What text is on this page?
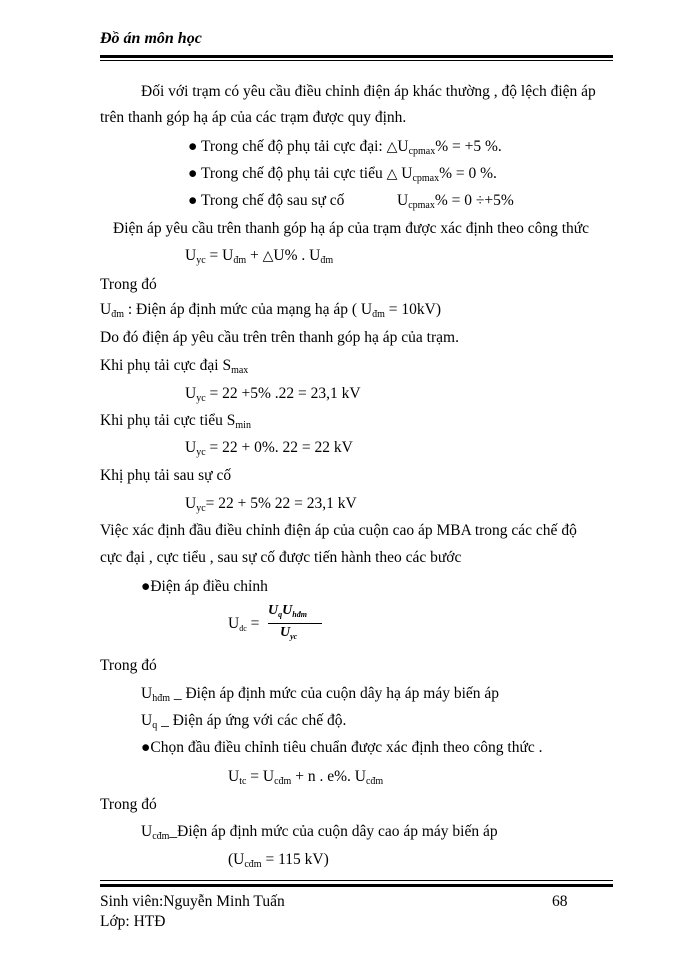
Đồ án môn học
Đối với trạm có yêu cầu điều chỉnh điện áp khác thường , độ lệch điện áp
trên thanh góp hạ áp của các trạm được quy định.
● Trong chế độ phụ tải cực đại: $\triangle U_{cpmax}\% = +5$ %.
● Trong chế độ phụ tải cực tiểu △ $U_{cpmax}\% = 0$ %.
● Trong chế độ sau sự cố	$U_{cpmax}\% = 0 \div+5\%$
Điện áp yêu cầu trên thanh góp hạ áp của trạm được xác định theo công thức
$U_{yc} = U_{đm}$ + △U% . $U_{đm}$
Trong đó
$U_{đm}$ : Điện áp định mức của mạng hạ áp ( $U_{đm} = 10kV$)
Do đó điện áp yêu cầu trên trên thanh góp hạ áp của trạm.
Khi phụ tải cực đại $S_{max}$
$U_{yc} = 22 +5\%$ .22 = 23,1 kV
Khi phụ tải cực tiểu $S_{min}$
$U_{yc} = 22 + 0\%$. 22 = 22 kV
Khị phụ tải sau sự cố
$U_{yc}= 22 + 5\%$ 22 = 23,1 kV
Việc xác định đầu điều chỉnh điện áp của cuộn cao áp MBA trong các chế độ
cực đại , cực tiểu , sau sự cố được tiến hành theo các bước
●Điện áp điều chỉnh
$U_{đc}$ =
$U_qU_{hđm}$
$U_{yc}$
Trong đó
$U_{hđm}$ _ Điện áp định mức của cuộn dây hạ áp máy biến áp
$U_q$ _ Điện áp ứng với các chế độ.
●Chọn đầu điều chỉnh tiêu chuẩn được xác định theo công thức .
$U_{tc} = U_{cđm} + n$ . e%. $U_{cđm}$
Trong đó
$U_{cđm}\_Điện$ áp định mức của cuộn dây cao áp máy biến áp
($U_{cđm} = 115$ kV)
Sinh viên:Nguyễn Minh Tuấn	68
Lớp: HTĐ
